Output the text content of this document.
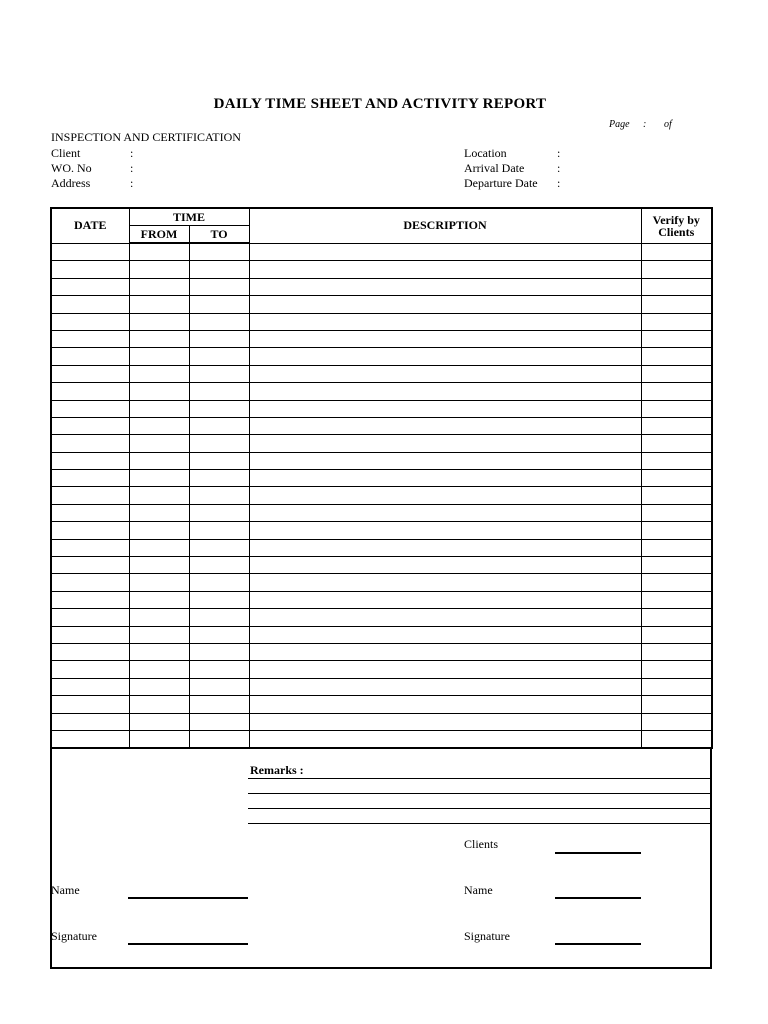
DAILY TIME SHEET AND ACTIVITY REPORT
Page : of
INSPECTION AND CERTIFICATION
Client	:
WO. No	:
Address	:
Location	:
Arrival Date	:
Departure Date :
DATE	TIME		DESCRIPTION	Verify by
Clients
	FROM	TO		

Remarks :
Clients
Name	Name
Signature	Signature
